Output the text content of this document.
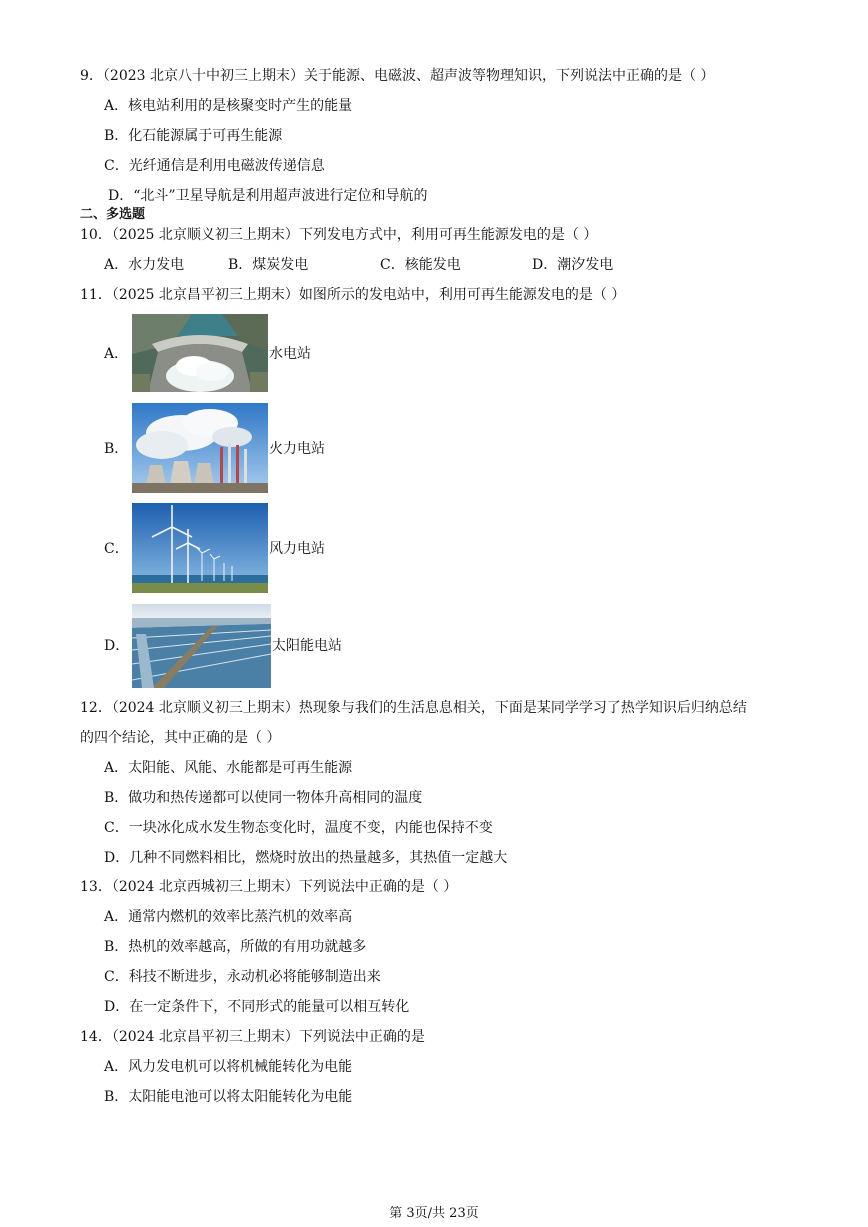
9．（2023 北京八十中初三上期末）关于能源、电磁波、超声波等物理知识，下列说法中正确的是（ ）
A．核电站利用的是核聚变时产生的能量
B．化石能源属于可再生能源
C．光纤通信是利用电磁波传递信息
D．“北斗”卫星导航是利用超声波进行定位和导航的
二、多选题
10．（2025 北京顺义初三上期末）下列发电方式中，利用可再生能源发电的是（ ）
A．水力发电	B．煤炭发电	C．核能发电	D．潮汐发电
11．（2025 北京昌平初三上期末）如图所示的发电站中，利用可再生能源发电的是（ ）
A．	水电站
B．	火力电站
C．	风力电站
D．	太阳能电站
12．（2024 北京顺义初三上期末）热现象与我们的生活息息相关，下面是某同学学习了热学知识后归纳总结
的四个结论，其中正确的是（ ）
A．太阳能、风能、水能都是可再生能源
B．做功和热传递都可以使同一物体升高相同的温度
C．一块冰化成水发生物态变化时，温度不变，内能也保持不变
D．几种不同燃料相比，燃烧时放出的热量越多，其热值一定越大
13．（2024 北京西城初三上期末）下列说法中正确的是（ ）
A．通常内燃机的效率比蒸汽机的效率高
B．热机的效率越高，所做的有用功就越多
C．科技不断进步，永动机必将能够制造出来
D．在一定条件下，不同形式的能量可以相互转化
14．（2024 北京昌平初三上期末）下列说法中正确的是
A．风力发电机可以将机械能转化为电能
B．太阳能电池可以将太阳能转化为电能
第 3页/共 23页
